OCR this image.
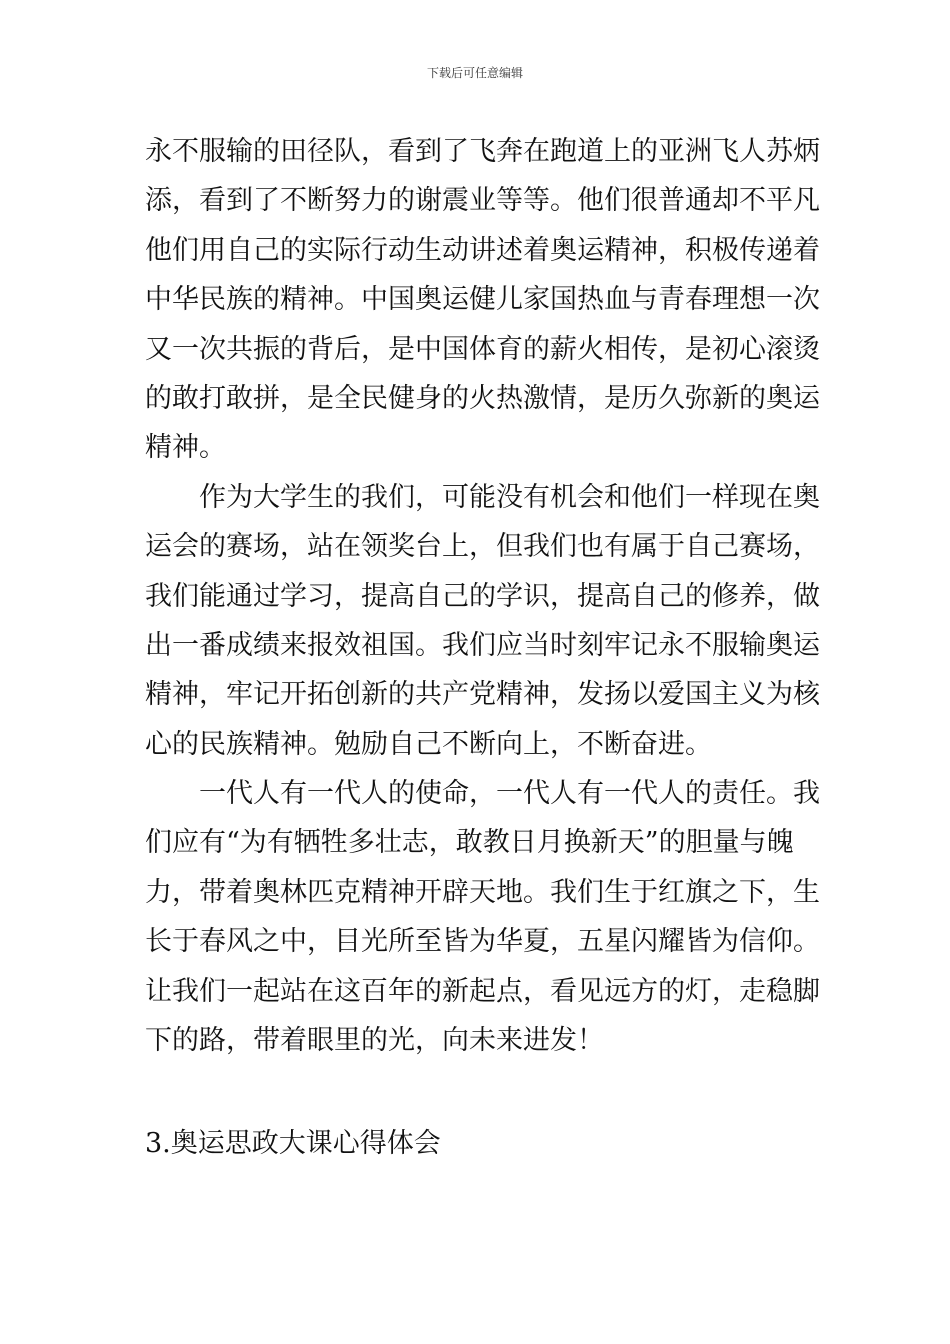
下载后可任意编辑
永不服输的田径队，看到了飞奔在跑道上的亚洲飞人苏炳
添，看到了不断努力的谢震业等等。他们很普通却不平凡
他们用自己的实际行动生动讲述着奥运精神，积极传递着
中华民族的精神。中国奥运健儿家国热血与青春理想一次
又一次共振的背后，是中国体育的薪火相传，是初心滚烫
的敢打敢拼，是全民健身的火热激情，是历久弥新的奥运
精神。
作为大学生的我们，可能没有机会和他们一样现在奥
运会的赛场，站在领奖台上，但我们也有属于自己赛场，
我们能通过学习，提高自己的学识，提高自己的修养，做
出一番成绩来报效祖国。我们应当时刻牢记永不服输奥运
精神，牢记开拓创新的共产党精神，发扬以爱国主义为核
心的民族精神。勉励自己不断向上，不断奋进。
一代人有一代人的使命，一代人有一代人的责任。我
们应有“为有牺牲多壮志，敢教日月换新天”的胆量与魄
力，带着奥林匹克精神开辟天地。我们生于红旗之下，生
长于春风之中，目光所至皆为华夏，五星闪耀皆为信仰。
让我们一起站在这百年的新起点，看见远方的灯，走稳脚
下的路，带着眼里的光，向未来进发！
3.奥运思政大课心得体会
